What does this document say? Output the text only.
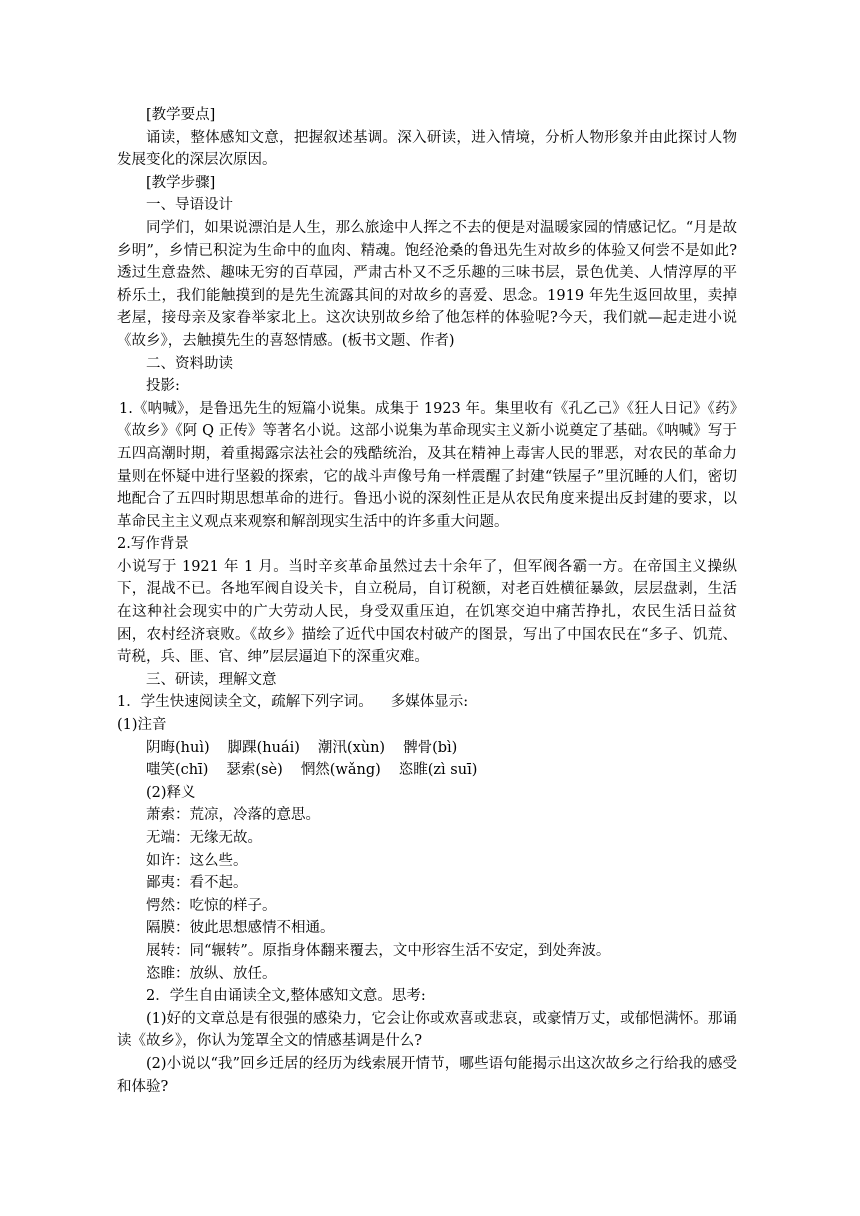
[教学要点]
诵读，整体感知文意，把握叙述基调。深入研读，进入情境，分析人物形象并由此探讨人物发展变化的深层次原因。
[教学步骤]
一、导语设计
同学们，如果说漂泊是人生，那么旅途中人挥之不去的便是对温暖家园的情感记忆。“月是故乡明”，乡情已积淀为生命中的血肉、精魂。饱经沧桑的鲁迅先生对故乡的体验又何尝不是如此?透过生意盎然、趣味无穷的百草园，严肃古朴又不乏乐趣的三味书层，景色优美、人情淳厚的平桥乐土，我们能触摸到的是先生流露其间的对故乡的喜爱、思念。1919 年先生返回故里，卖掉老屋，接母亲及家眷举家北上。这次诀别故乡给了他怎样的体验呢?今天，我们就—起走进小说《故乡》，去触摸先生的喜怒情感。(板书文题、作者)
二、资料助读
投影:
1.《呐喊》，是鲁迅先生的短篇小说集。成集于 1923 年。集里收有《孔乙己》《狂人日记》《药》《故乡》《阿 Q 正传》等著名小说。这部小说集为革命现实主义新小说奠定了基础。《呐喊》写于五四高潮时期，着重揭露宗法社会的残酷统治，及其在精神上毒害人民的罪恶，对农民的革命力量则在怀疑中进行坚毅的探索，它的战斗声像号角一样震醒了封建“铁屋子”里沉睡的人们，密切地配合了五四时期思想革命的进行。鲁迅小说的深刻性正是从农民角度来提出反封建的要求，以革命民主主义观点来观察和解剖现实生活中的许多重大问题。
2.写作背景
小说写于 1921 年 1 月。当时辛亥革命虽然过去十余年了，但军阀各霸一方。在帝国主义操纵下，混战不已。各地军阀自设关卡，自立税局，自订税额，对老百姓横征暴敛，层层盘剥，生活在这种社会现实中的广大劳动人民，身受双重压迫，在饥寒交迫中痛苦挣扎，农民生活日益贫困，农村经济衰败。《故乡》描绘了近代中国农村破产的图景，写出了中国农民在“多子、饥荒、苛税，兵、匪、官、绅”层层逼迫下的深重灾难。
三、研读，理解文意
1．学生快速阅读全文，疏解下列字词。 多媒体显示:
(1)注音
阴晦(huì) 脚踝(huái) 潮汛(xùn) 髀骨(bì)
嗤笑(chī) 瑟索(sè) 惘然(wǎng) 恣睢(zì suī)
(2)释义
萧索：荒凉，冷落的意思。
无端：无缘无故。
如许：这么些。
鄙夷：看不起。
愕然：吃惊的样子。
隔膜：彼此思想感情不相通。
展转：同“辗转”。原指身体翻来覆去，文中形容生活不安定，到处奔波。
恣睢：放纵、放任。
2．学生自由诵读全文,整体感知文意。思考:
(1)好的文章总是有很强的感染力，它会让你或欢喜或悲哀，或豪情万丈，或郁悒满怀。那诵读《故乡》，你认为笼罩全文的情感基调是什么?
(2)小说以“我”回乡迁居的经历为线索展开情节，哪些语句能揭示出这次故乡之行给我的感受和体验?
